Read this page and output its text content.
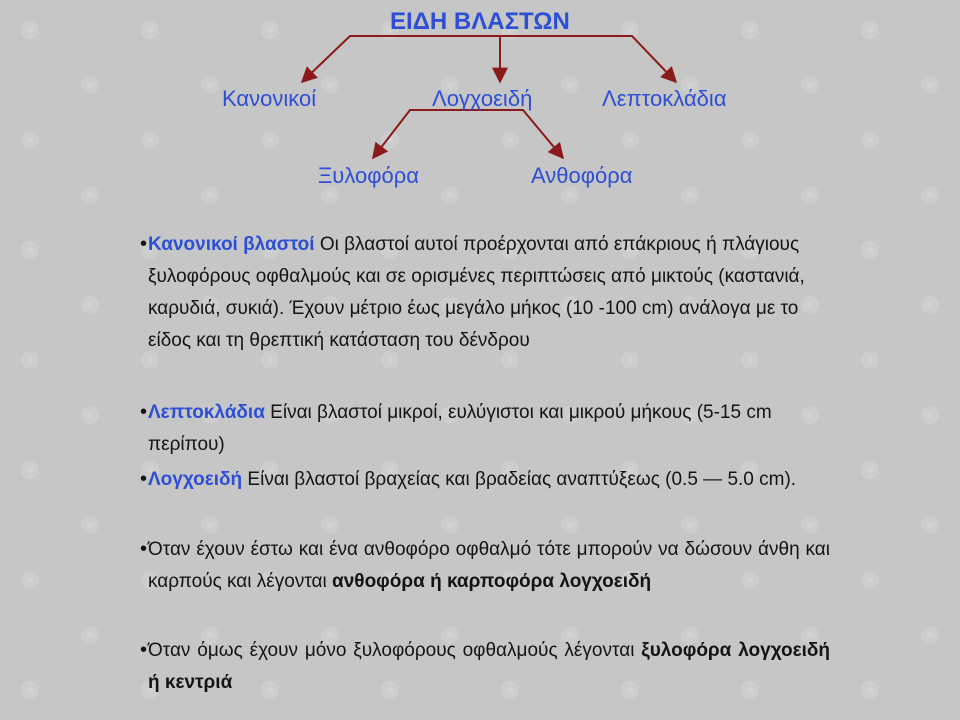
ΕΙΔΗ ΒΛΑΣΤΩΝ
Κανονικοί	Λογχοειδή	Λεπτοκλάδια
Ξυλοφόρα	Ανθοφόρα
• Κανονικοί βλαστοί Οι βλαστοί αυτοί προέρχονται από επάκριους ή πλάγιους ξυλοφόρους οφθαλμούς και σε ορισμένες περιπτώσεις από μικτούς (καστανιά, καρυδιά, συκιά). Έχουν μέτριο έως μεγάλο μήκος (10 -100 cm) ανάλογα με το είδος και τη θρεπτική κατάσταση του δένδρου
• Λεπτοκλάδια Είναι βλαστοί μικροί, ευλύγιστοι και μικρού μήκους (5-15 cm περίπου)
• Λογχοειδή Είναι βλαστοί βραχείας και βραδείας αναπτύξεως (0.5 — 5.0 cm).
• Όταν έχουν έστω και ένα ανθοφόρο οφθαλμό τότε μπορούν να δώσουν άνθη και καρπούς και λέγονται ανθοφόρα ή καρποφόρα λογχοειδή
• Όταν όμως έχουν μόνο ξυλοφόρους οφθαλμούς λέγονται ξυλοφόρα λογχοειδή ή κεντριά
